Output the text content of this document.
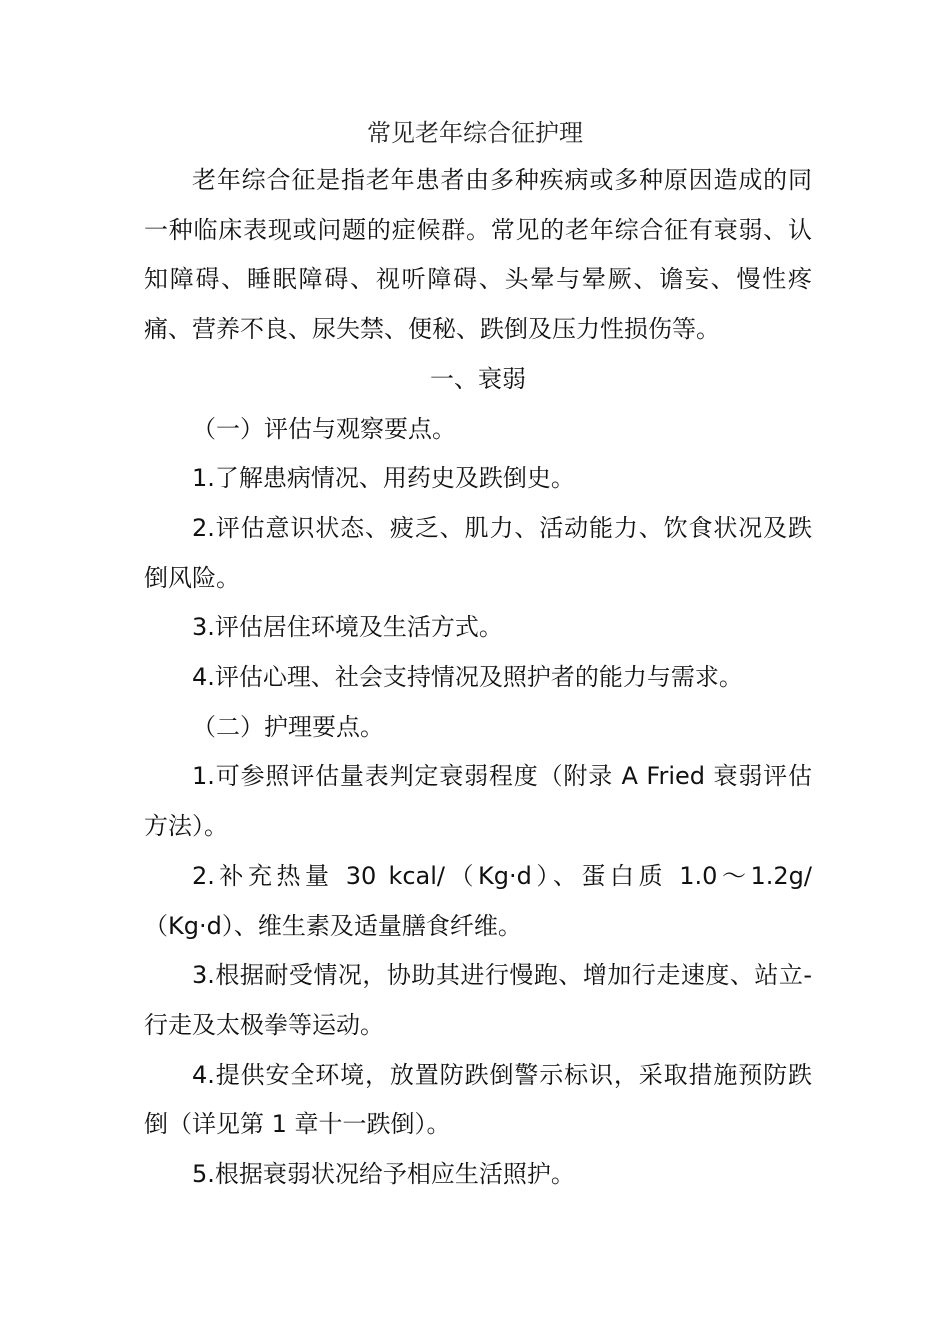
常见老年综合征护理

老年综合征是指老年患者由多种疾病或多种原因造成的同一种临床表现或问题的症候群。常见的老年综合征有衰弱、认知障碍、睡眠障碍、视听障碍、头晕与晕厥、谵妄、慢性疼痛、营养不良、尿失禁、便秘、跌倒及压力性损伤等。

一、衰弱

（一）评估与观察要点。

1.了解患病情况、用药史及跌倒史。

2.评估意识状态、疲乏、肌力、活动能力、饮食状况及跌倒风险。

3.评估居住环境及生活方式。

4.评估心理、社会支持情况及照护者的能力与需求。

（二）护理要点。

1.可参照评估量表判定衰弱程度（附录 A Fried 衰弱评估方法）。

2.补充热量 30 kcal/（Kg·d）、蛋白质 1.0～1.2g/（Kg·d）、维生素及适量膳食纤维。

3.根据耐受情况，协助其进行慢跑、增加行走速度、站立-行走及太极拳等运动。

4.提供安全环境，放置防跌倒警示标识，采取措施预防跌倒（详见第 1 章十一跌倒）。

5.根据衰弱状况给予相应生活照护。
